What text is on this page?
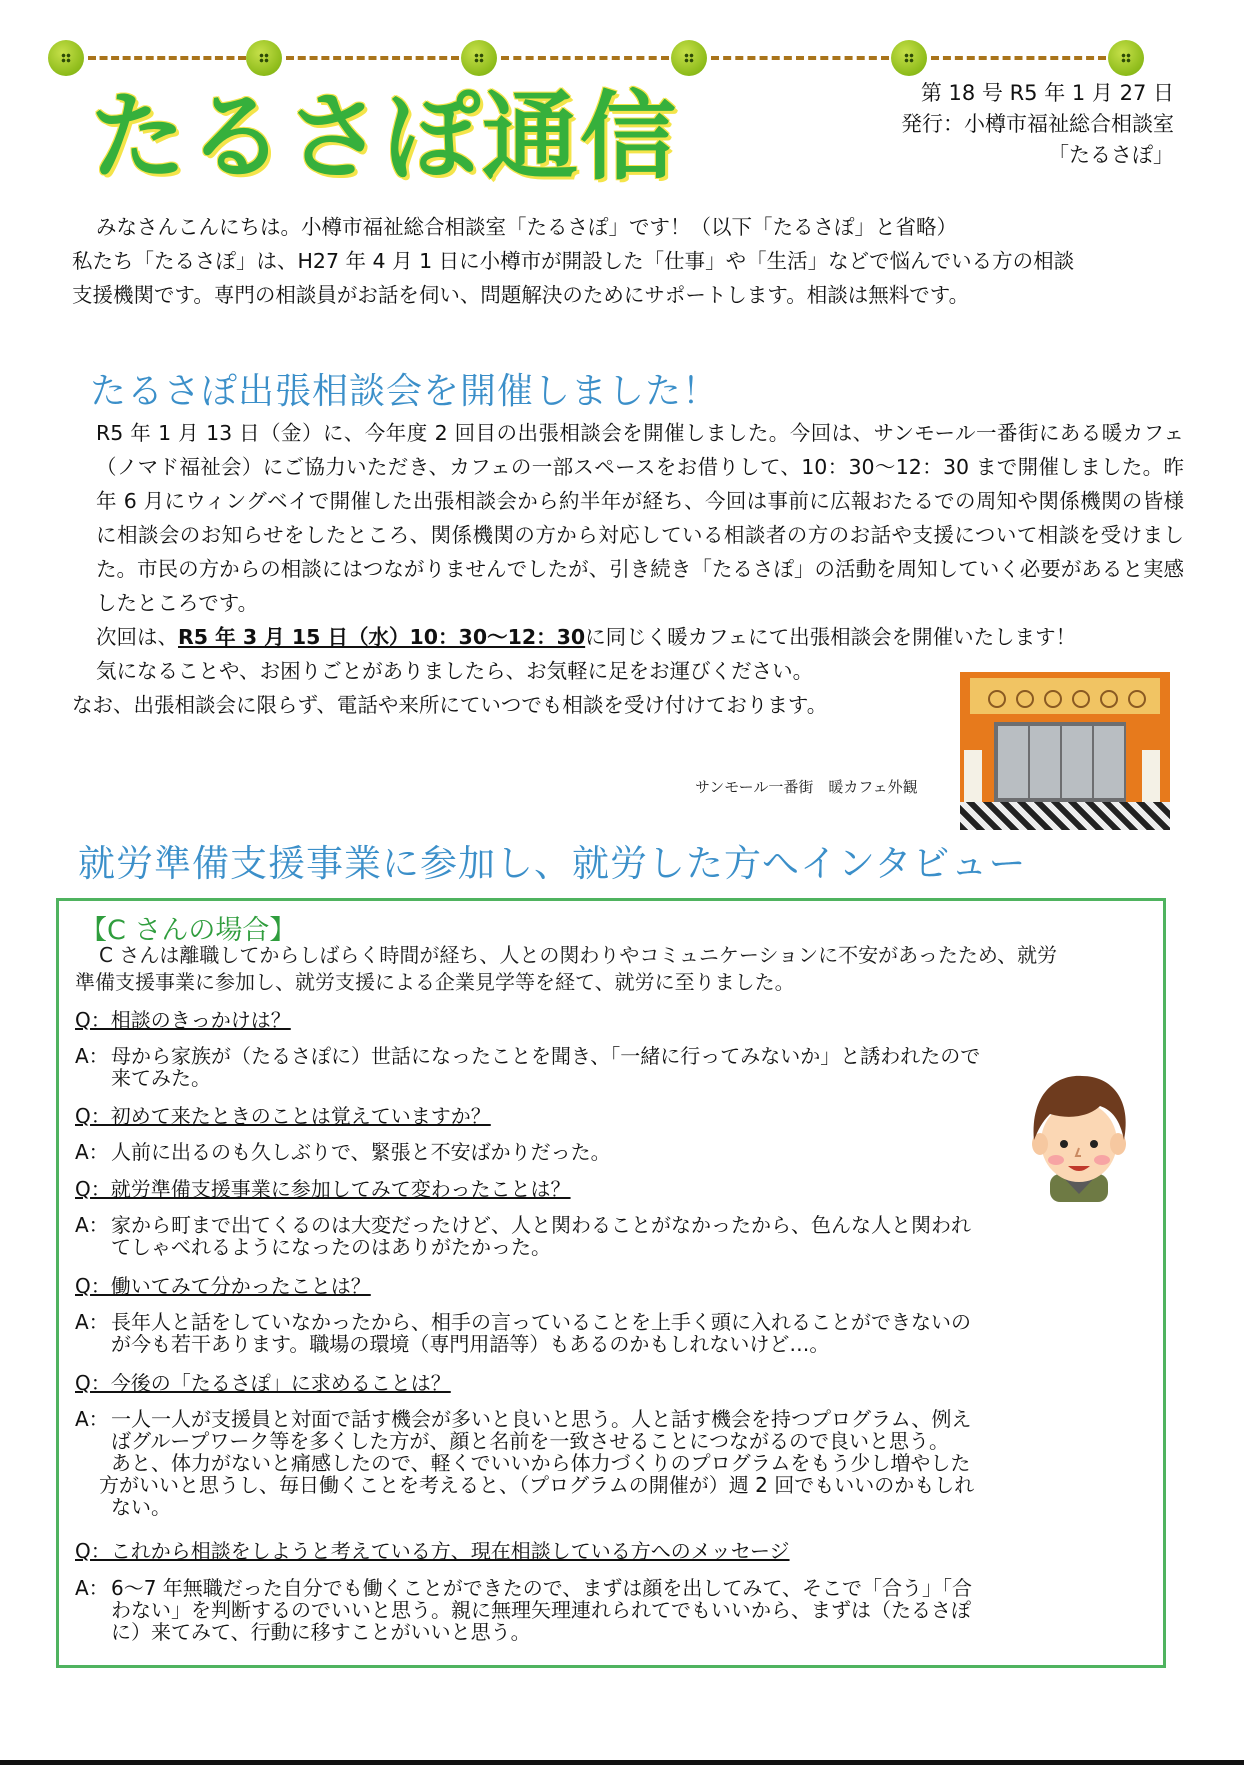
たるさぽ通信	第 18 号 R5 年 1 月 27 日
発行：小樽市福祉総合相談室
「たるさぽ」
みなさんこんにちは。小樽市福祉総合相談室「たるさぽ」です！（以下「たるさぽ」と省略）
私たち「たるさぽ」は、H27 年 4 月 1 日に小樽市が開設した「仕事」や「生活」などで悩んでいる方の相談
支援機関です。専門の相談員がお話を伺い、問題解決のためにサポートします。相談は無料です。
たるさぽ出張相談会を開催しました！
R5 年 1 月 13 日（金）に、今年度 2 回目の出張相談会を開催しました。今回は、サンモール一番街にある暖カフェ（ノマド福祉会）にご協力いただき、カフェの一部スペースをお借りして、10：30〜12：30 まで開催しました。昨年 6 月にウィングベイで開催した出張相談会から約半年が経ち、今回は事前に広報おたるでの周知や関係機関の皆様に相談会のお知らせをしたところ、関係機関の方から対応している相談者の方のお話や支援について相談を受けました。市民の方からの相談にはつながりませんでしたが、引き続き「たるさぽ」の活動を周知していく必要があると実感したところです。
次回は、R5 年 3 月 15 日（水）10：30〜12：30に同じく暖カフェにて出張相談会を開催いたします！
気になることや、お困りごとがありましたら、お気軽に足をお運びください。
なお、出張相談会に限らず、電話や来所にていつでも相談を受け付けております。
サンモール一番街　暖カフェ外観
就労準備支援事業に参加し、就労した方へインタビュー
【C さんの場合】
C さんは離職してからしばらく時間が経ち、人との関わりやコミュニケーションに不安があったため、就労
準備支援事業に参加し、就労支援による企業見学等を経て、就労に至りました。
Q：相談のきっかけは？
A： 母から家族が（たるさぽに）世話になったことを聞き、「一緒に行ってみないか」と誘われたので
来てみた。
Q：初めて来たときのことは覚えていますか？
A： 人前に出るのも久しぶりで、緊張と不安ばかりだった。
Q：就労準備支援事業に参加してみて変わったことは？
A： 家から町まで出てくるのは大変だったけど、人と関わることがなかったから、色んな人と関われ
てしゃべれるようになったのはありがたかった。
Q：働いてみて分かったことは？
A： 長年人と話をしていなかったから、相手の言っていることを上手く頭に入れることができないの
が今も若干あります。職場の環境（専門用語等）もあるのかもしれないけど…。
Q：今後の「たるさぽ」に求めることは？
A： 一人一人が支援員と対面で話す機会が多いと良いと思う。人と話す機会を持つプログラム、例え
ばグループワーク等を多くした方が、顔と名前を一致させることにつながるので良いと思う。
あと、体力がないと痛感したので、軽くでいいから体力づくりのプログラムをもう少し増やした
方がいいと思うし、毎日働くことを考えると、（プログラムの開催が）週 2 回でもいいのかもしれ
ない。
Q：これから相談をしようと考えている方、現在相談している方へのメッセージ
A： 6〜7 年無職だった自分でも働くことができたので、まずは顔を出してみて、そこで「合う」「合
わない」を判断するのでいいと思う。親に無理矢理連れられてでもいいから、まずは（たるさぽ
に）来てみて、行動に移すことがいいと思う。
